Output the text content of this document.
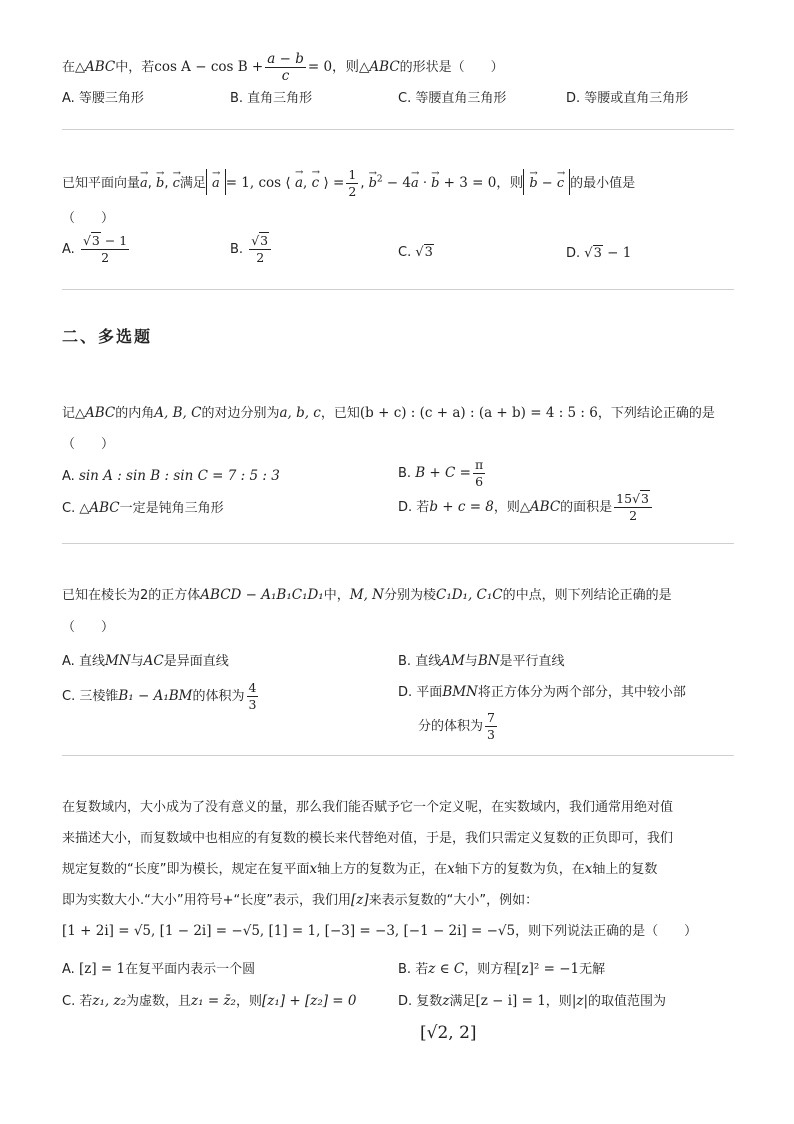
在△ABC中，若$\cos A - \cos B + \frac{a - b}{c} = 0$，则△ABC的形状是（　　）
A. 等腰三角形	B. 直角三角形	C. 等腰直角三角形	D. 等腰或直角三角形
已知平面向量→ a, → b, → c满足 → a = 1, cos ⟨ → a, → c ⟩ = $\frac{1}{2}$ , → $b^2 - 4\to a$ · → b + 3 = 0，则 → b − → c 的最小值是
（　　）
A. $\frac{√3 - 1}{2}$	B. $\frac{√3}{2}$	C. √3	D. √3 − 1
二、多选题
记△ABC的内角A, B, C的对边分别为a, b, c，已知(b + c) : (c + a) : (a + b) = 4 : 5 : 6，下列结论正确的是
（　　）
A. sin A : sin B : sin C = 7 : 5 : 3	B. $B + C = \frac{\pi}{6}$
C. △ABC一定是钝角三角形	D. 若b + c = 8，则△ABC的面积是 $\frac{15√3}{2}$
已知在棱长为2的正方体ABCD − A₁B₁C₁D₁中，M, N分别为棱C₁D₁, C₁C的中点，则下列结论正确的是
（　　）
A. 直线MN与AC是异面直线	B. 直线AM与BN是平行直线
C. 三棱锥B₁ − A₁BM的体积为 $\frac{4}{3}$	D. 平面BMN将正方体分为两个部分，其中较小部
分的体积为 $\frac{7}{3}$
在复数域内，大小成为了没有意义的量，那么我们能否赋予它一个定义呢，在实数域内，我们通常用绝对值
来描述大小，而复数域中也相应的有复数的模长来代替绝对值，于是，我们只需定义复数的正负即可，我们
规定复数的“长度”即为模长，规定在复平面x轴上方的复数为正，在x轴下方的复数为负，在x轴上的复数
即为实数大小.“大小”用符号+“长度”表示，我们用[z]来表示复数的“大小”，例如：
[1 + 2i] = √5, [1 − 2i] = −√5, [1] = 1, [−3] = −3, [−1 − 2i] = −√5，则下列说法正确的是（　　）
A. [z] = 1在复平面内表示一个圆	B. 若z ∈ C，则方程[z]² = −1无解
C. 若z₁, z₂为虚数，且z₁ = z̄₂，则[z₁] + [z₂] = 0	D. 复数z满足[z − i] = 1，则|z|的取值范围为
[√2, 2]
